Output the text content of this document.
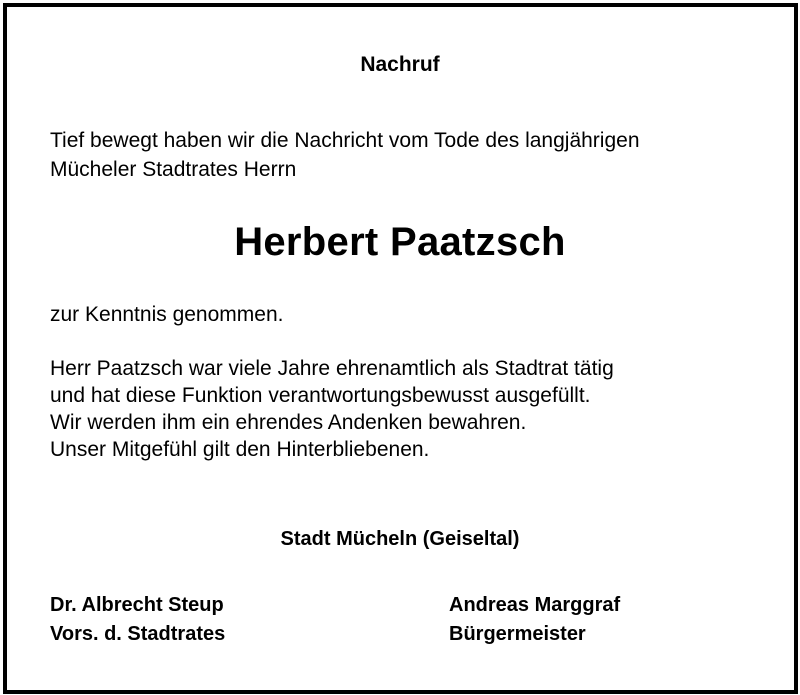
Nachruf
Tief bewegt haben wir die Nachricht vom Tode des langjährigen
Mücheler Stadtrates Herrn
Herbert Paatzsch
zur Kenntnis genommen.
Herr Paatzsch war viele Jahre ehrenamtlich als Stadtrat tätig
und hat diese Funktion verantwortungsbewusst ausgefüllt.
Wir werden ihm ein ehrendes Andenken bewahren.
Unser Mitgefühl gilt den Hinterbliebenen.
Stadt Mücheln (Geiseltal)
Dr. Albrecht Steup
Vors. d. Stadtrates
Andreas Marggraf
Bürgermeister
